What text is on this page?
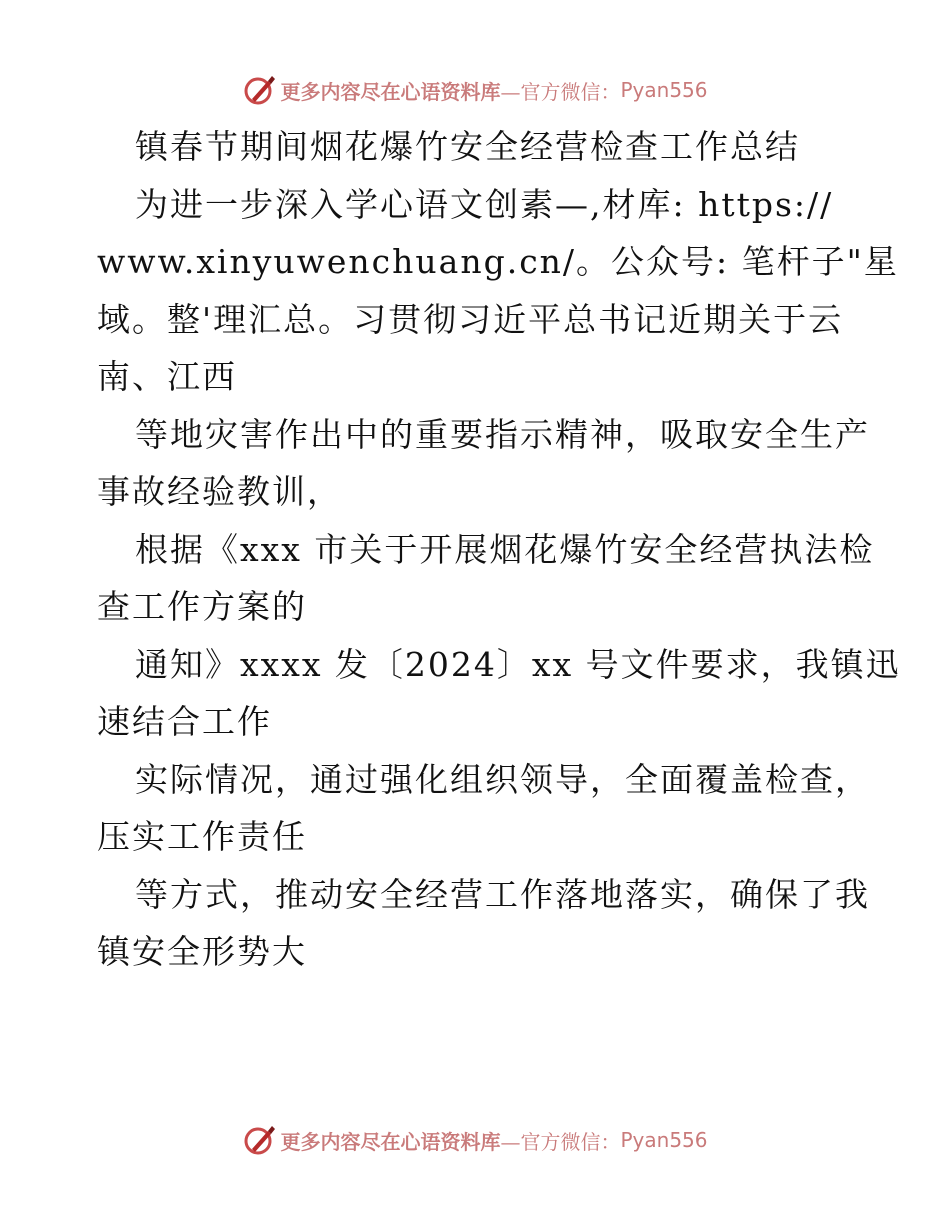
更多内容尽在心语资料库 —官方微信： Pyan556
镇春节期间烟花爆竹安全经营检查工作总结
为进一步深入学心语文创素—,材库: https://
www.xinyuwenchuang.cn/。公众号: 笔杆子"星
域。整'理汇总。习贯彻习近平总书记近期关于云
南、江西
等地灾害作出中的重要指示精神，吸取安全生产
事故经验教训，
根据《xxx 市关于开展烟花爆竹安全经营执法检
查工作方案的
通知》xxxx 发〔2024〕xx 号文件要求，我镇迅
速结合工作
实际情况，通过强化组织领导，全面覆盖检查，
压实工作责任
等方式，推动安全经营工作落地落实，确保了我
镇安全形势大
更多内容尽在心语资料库 —官方微信： Pyan556
